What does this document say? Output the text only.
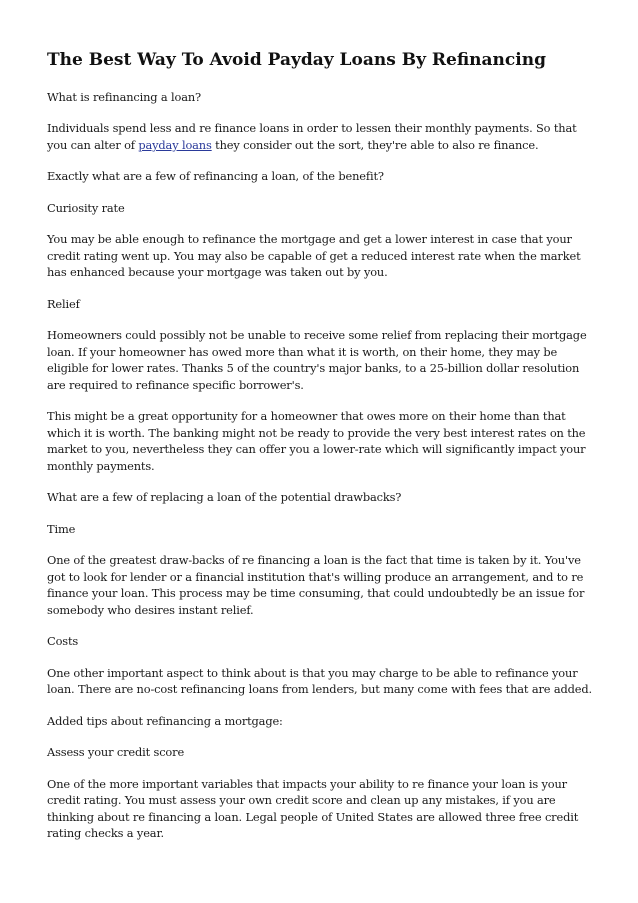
The Best Way To Avoid Payday Loans By Refinancing

What is refinancing a loan?

Individuals spend less and re finance loans in order to lessen their monthly payments. So that you can alter of payday loans they consider out the sort, they're able to also re finance.

Exactly what are a few of refinancing a loan, of the benefit?

Curiosity rate

You may be able enough to refinance the mortgage and get a lower interest in case that your credit rating went up. You may also be capable of get a reduced interest rate when the market has enhanced because your mortgage was taken out by you.

Relief

Homeowners could possibly not be unable to receive some relief from replacing their mortgage loan. If your homeowner has owed more than what it is worth, on their home, they may be eligible for lower rates. Thanks 5 of the country's major banks, to a 25-billion dollar resolution are required to refinance specific borrower's.

This might be a great opportunity for a homeowner that owes more on their home than that which it is worth. The banking might not be ready to provide the very best interest rates on the market to you, nevertheless they can offer you a lower-rate which will significantly impact your monthly payments.

What are a few of replacing a loan of the potential drawbacks?

Time

One of the greatest draw-backs of re financing a loan is the fact that time is taken by it. You've got to look for lender or a financial institution that's willing produce an arrangement, and to re finance your loan. This process may be time consuming, that could undoubtedly be an issue for somebody who desires instant relief.

Costs

One other important aspect to think about is that you may charge to be able to refinance your loan. There are no-cost refinancing loans from lenders, but many come with fees that are added.

Added tips about refinancing a mortgage:

Assess your credit score

One of the more important variables that impacts your ability to re finance your loan is your credit rating. You must assess your own credit score and clean up any mistakes, if you are thinking about re financing a loan. Legal people of United States are allowed three free credit rating checks a year.
